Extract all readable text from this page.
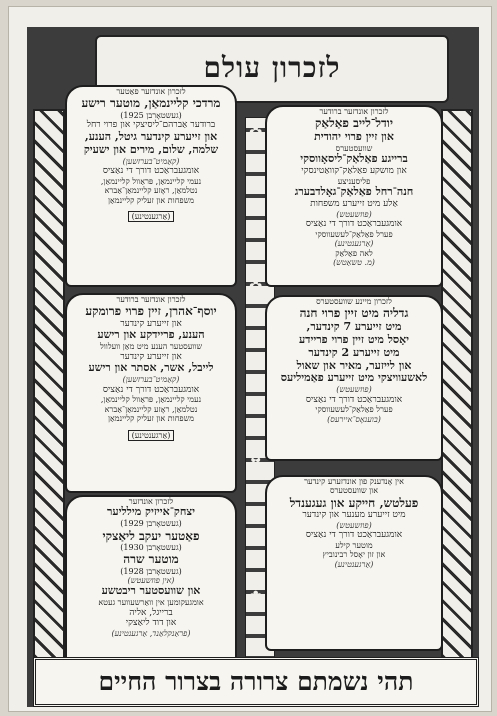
✿
✿
✿
✿
לזכרון עולם
לזכרון אונדזער ברודער
יודל־לייב פאַלאַק
און זיין פרוי יהודית
שוועסטערס
ברייגע פאַלאַק־ליסאָווסקי
און מושקע פאַלאַק־קוואַטינסקי
פליסעניצע
חנה־רחל פאַלאַק־גאָלדבערג
אַלע מיט זייערע משפחות
(פוזשעטש)
אומגעבראַכט דורך די נאַציס
פערל פאַלאַק־לעשעווסקי
(אַרגענטינע)
לאה פאַלאַק
(מ. טשאַטש)
לזכרון אונדזער פאַטער
מרדכי קליינמאַן, מוטער רישע
(געשטאָרבן 1925)
ברודער אַברהם־ליסיצקי און פרוי רחל
און זייערע קינדער גיטל, הענע,
שלמה, שלום, מירים און ישעיק
(קאַמיט־בערזשען)
אומגעבראַכט דורך די נאַציס
נעמי קליינמאַן, פּראַוול קליינמאַן,
נטלמאַן, ראָזע קליינמאַן־אַברא
משפחות און זעליק קליינמאַן
(אַרגענטינע)
לזכרון מיינע שוועסטערס
גדליה מיט זיין פרוי חנה
מיט זייערע 7 קינדער,
יאָסל מיט זיין פרוי פריידע
מיט זייערע 2 קינדער
און לייזער, מאיר און שאול
לאשעוויצקי מיט זייערע פאַמיליעס
(פוזשעטש)
אומגעבראַכט דורך די נאַציס
פערל פאַלאַק־לעשעווסקי
(בוענאָס־איירעס)
לזכרון אונדזער ברודער
יוסף־אהרן, זיין פרוי פרומקע
און זייערע קינדער
הענע, פריידקע און רישע
שוועסטער הענע מיט מאַן וועלוול
און זייערע קינדער
לייבל, אשר, אסתר און רישע
(קאַמיט־בערזשען)
אומגעבראַכט דורך די נאַציס
נעמי קליינמאַן, פּראַוול קליינמאַן,
נטלמאַן, ראָזע קליינמאַן־אַברא
משפחות און זעליק קליינמאַן
(אַרגענטינע)
אין אָנדענק פון אונדזערע קינדער
און שוועסטערס
פעלטש, חייקע און געגענדל
מיט זייערע מענער און קינדער
(פוזשעטש)
אומגעבראַכט דורך די נאַציס
מוטער קילע
און זון יאָסל רבינוביץ
(אַרגענטינע)
לזכרון אונדזער
יצחק־אייזיק מילליער
(געשטאָרבן 1929)
פאַטער יעקב ליאַצקי
(געשטאָרבן 1930)
מוטער שרה
(געשטאָרבן 1928)
(אין פוזשעטש)
און שוועסטער ריבטשע
אומגעקומען אין וואַרשעווער געטא
ברייגל, אליה
און דוד ליאַצקי
(פראַנקלאַנד, אַרגענטינע)
תהי נשמתם צרורה בצרור החיים
